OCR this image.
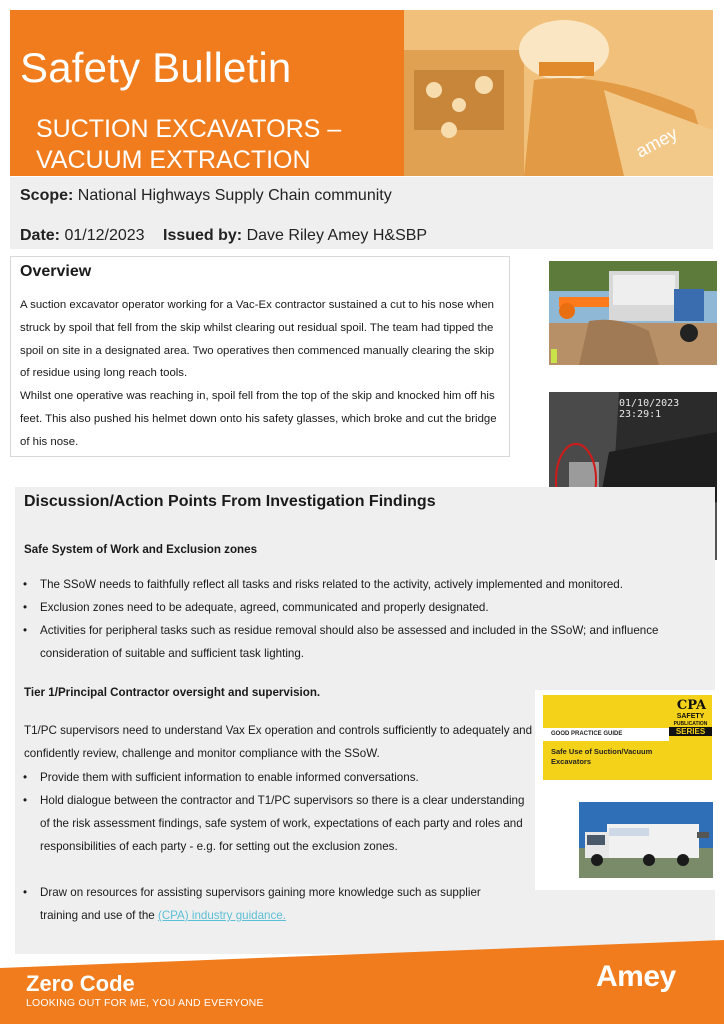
amey
Safety Bulletin
SUCTION EXCAVATORS – VACUUM EXTRACTION
Scope: National Highways Supply Chain community
Date: 01/12/2023 Issued by: Dave Riley Amey H&SBP
Overview
A suction excavator operator working for a Vac-Ex contractor sustained a cut to his nose when struck by spoil that fell from the skip whilst clearing out residual spoil. The team had tipped the spoil on site in a designated area. Two operatives then commenced manually clearing the skip of residue using long reach tools.
Whilst one operative was reaching in, spoil fell from the top of the skip and knocked him off his feet. This also pushed his helmet down onto his safety glasses, which broke and cut the bridge of his nose.
01/10/2023 23:29:1
Discussion/Action Points From Investigation Findings
Safe System of Work and Exclusion zones
•	The SSoW needs to faithfully reflect all tasks and risks related to the activity, actively implemented and monitored.
•	Exclusion zones need to be adequate, agreed, communicated and properly designated.
•	Activities for peripheral tasks such as residue removal should also be assessed and included in the SSoW; and influence consideration of suitable and sufficient task lighting.
Tier 1/Principal Contractor oversight and supervision.
T1/PC supervisors need to understand Vax Ex operation and controls sufficiently to adequately and confidently review, challenge and monitor compliance with the SSoW.
•	Provide them with sufficient information to enable informed conversations.
•	Hold dialogue between the contractor and T1/PC supervisors so there is a clear understanding of the risk assessment findings, safe system of work, expectations of each party and roles and responsibilities of each party - e.g. for setting out the exclusion zones.
•	Draw on resources for assisting supervisors gaining more knowledge such as supplier training and use of the (CPA) industry guidance.
GOOD PRACTICE GUIDE
CPA
SAFETY
PUBLICATION
SERIES
Safe Use of Suction/Vacuum Excavators
Zero Code
LOOKING OUT FOR ME, YOU AND EVERYONE
Amey
